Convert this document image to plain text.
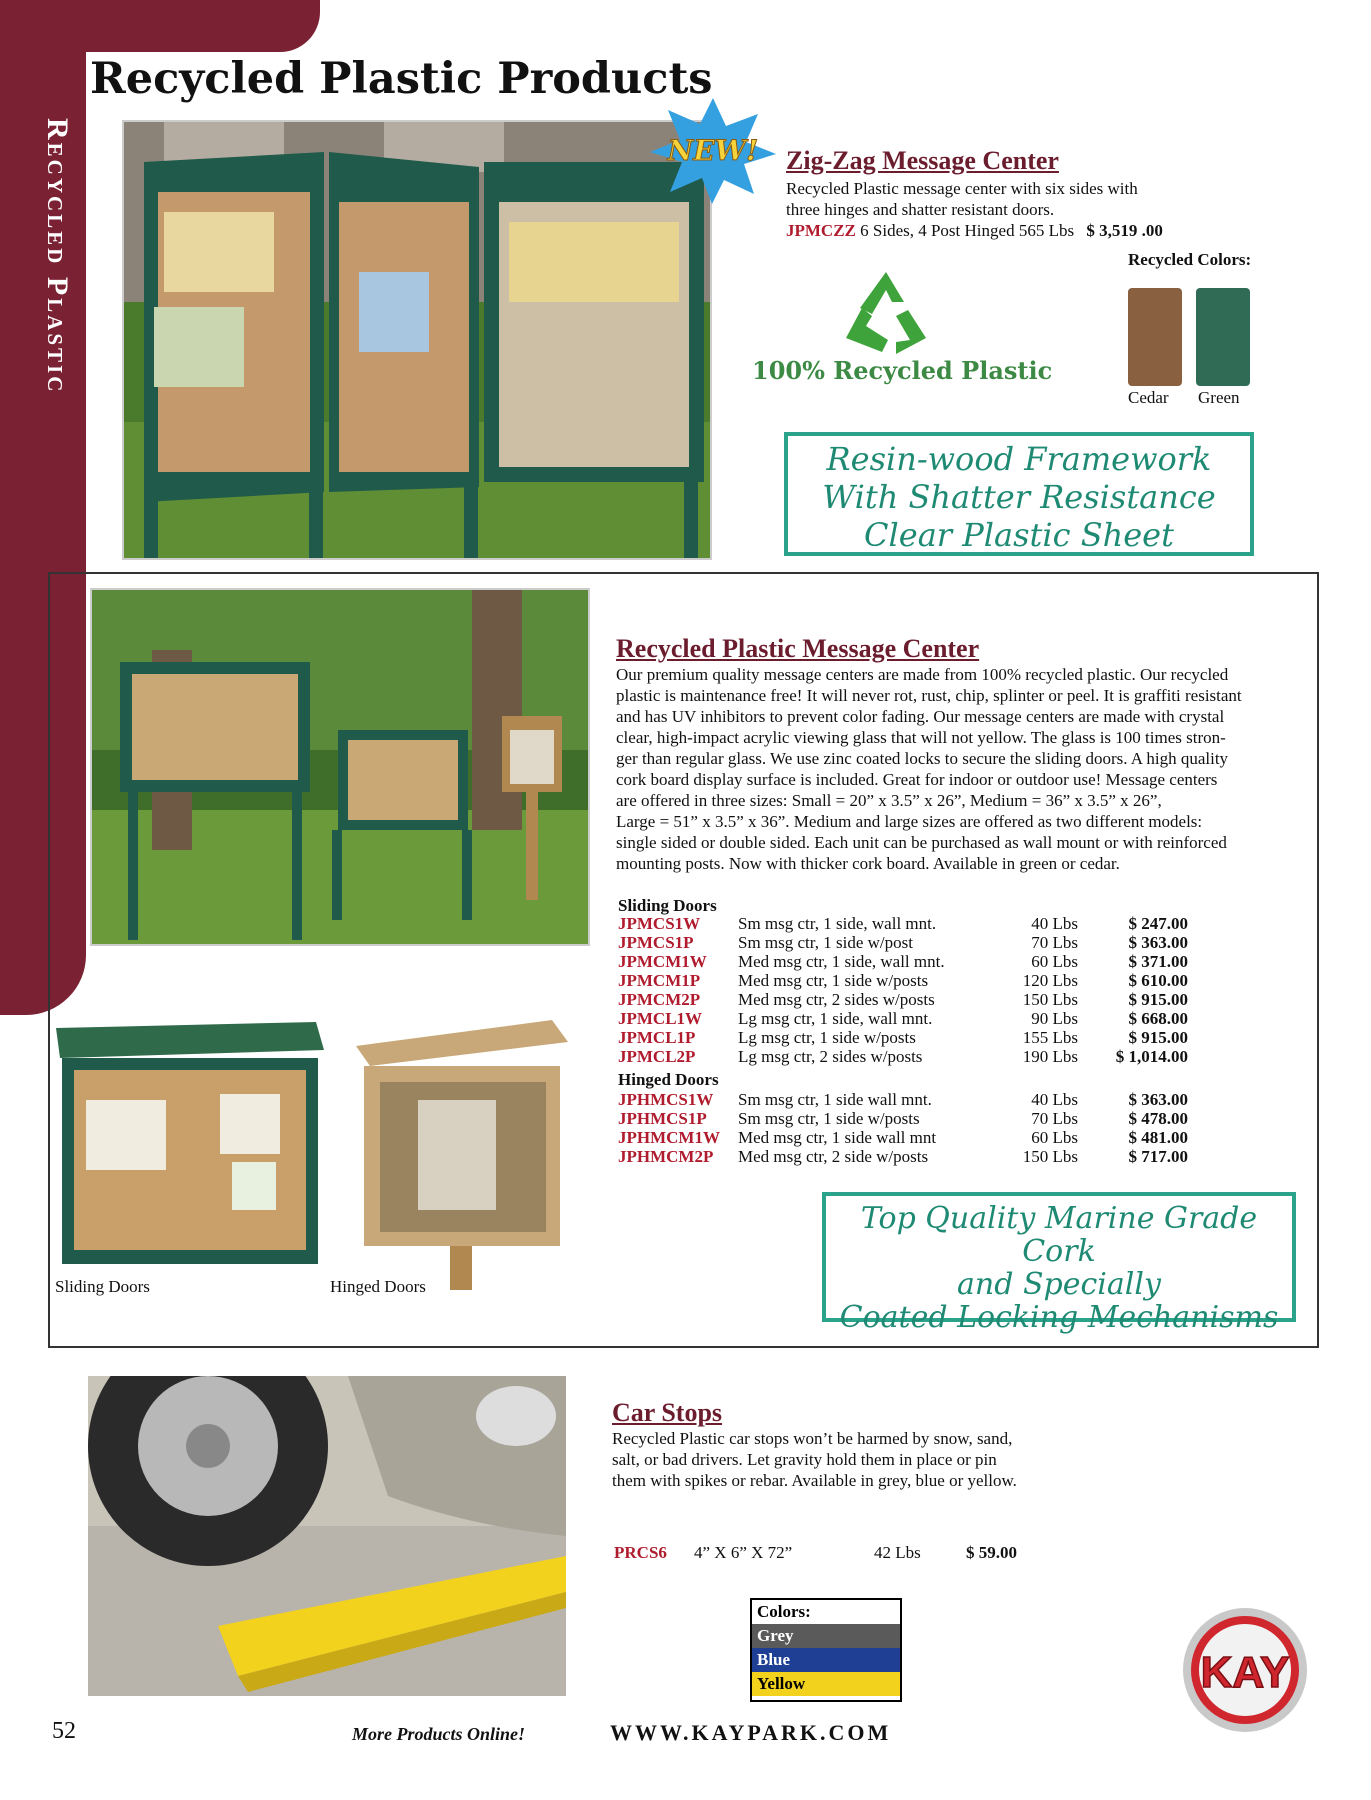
Recycled Plastic
Recycled Plastic Products
NEW! Zig-Zag Message Center
Recycled Plastic message center with six sides with
three hinges and shatter resistant doors.
JPMCZZ 6 Sides, 4 Post Hinged 565 Lbs $ 3,519 .00
100% Recycled Plastic
Recycled Colors:
Cedar Green
Resin-wood Framework
With Shatter Resistance
Clear Plastic Sheet
Sliding Doors	Hinged Doors
Recycled Plastic Message Center
Our premium quality message centers are made from 100% recycled plastic. Our recycled
plastic is maintenance free! It will never rot, rust, chip, splinter or peel. It is graffiti resistant
and has UV inhibitors to prevent color fading. Our message centers are made with crystal
clear, high-impact acrylic viewing glass that will not yellow. The glass is 100 times stron-
ger than regular glass. We use zinc coated locks to secure the sliding doors. A high quality
cork board display surface is included. Great for indoor or outdoor use! Message centers
are offered in three sizes: Small = 20” x 3.5” x 26”, Medium = 36” x 3.5” x 26”,
Large = 51” x 3.5” x 36”. Medium and large sizes are offered as two different models:
single sided or double sided. Each unit can be purchased as wall mount or with reinforced
mounting posts. Now with thicker cork board. Available in green or cedar.
Sliding Doors
JPMCS1W Sm msg ctr, 1 side, wall mnt.	40 Lbs	$ 247.00
JPMCS1P	Sm msg ctr, 1 side w/post	70 Lbs	$ 363.00
JPMCM1W Med msg ctr, 1 side, wall mnt.	60 Lbs	$ 371.00
JPMCM1P Med msg ctr, 1 side w/posts	120 Lbs	$ 610.00
JPMCM2P Med msg ctr, 2 sides w/posts	150 Lbs	$ 915.00
JPMCL1W Lg msg ctr, 1 side, wall mnt.	90 Lbs	$ 668.00
JPMCL1P	Lg msg ctr, 1 side w/posts	155 Lbs	$ 915.00
JPMCL2P	Lg msg ctr, 2 sides w/posts	190 Lbs	$ 1,014.00
Hinged Doors
JPHMCS1W Sm msg ctr, 1 side wall mnt.	40 Lbs	$ 363.00
JPHMCS1P Sm msg ctr, 1 side w/posts	70 Lbs	$ 478.00
JPHMCM1W Med msg ctr, 1 side wall mnt	60 Lbs	$ 481.00
JPHMCM2P Med msg ctr, 2 side w/posts	150 Lbs	$ 717.00
Top Quality Marine Grade Cork
and Specially
Coated Locking Mechanisms
Car Stops
Recycled Plastic car stops won’t be harmed by snow, sand,
salt, or bad drivers. Let gravity hold them in place or pin
them with spikes or rebar. Available in grey, blue or yellow.
PRCS6 4” X 6” X 72”	42 Lbs	$ 59.00
Colors:
Grey
Blue
Yellow	KAY
52	More Products Online!	WWW.KAYPARK.COM
